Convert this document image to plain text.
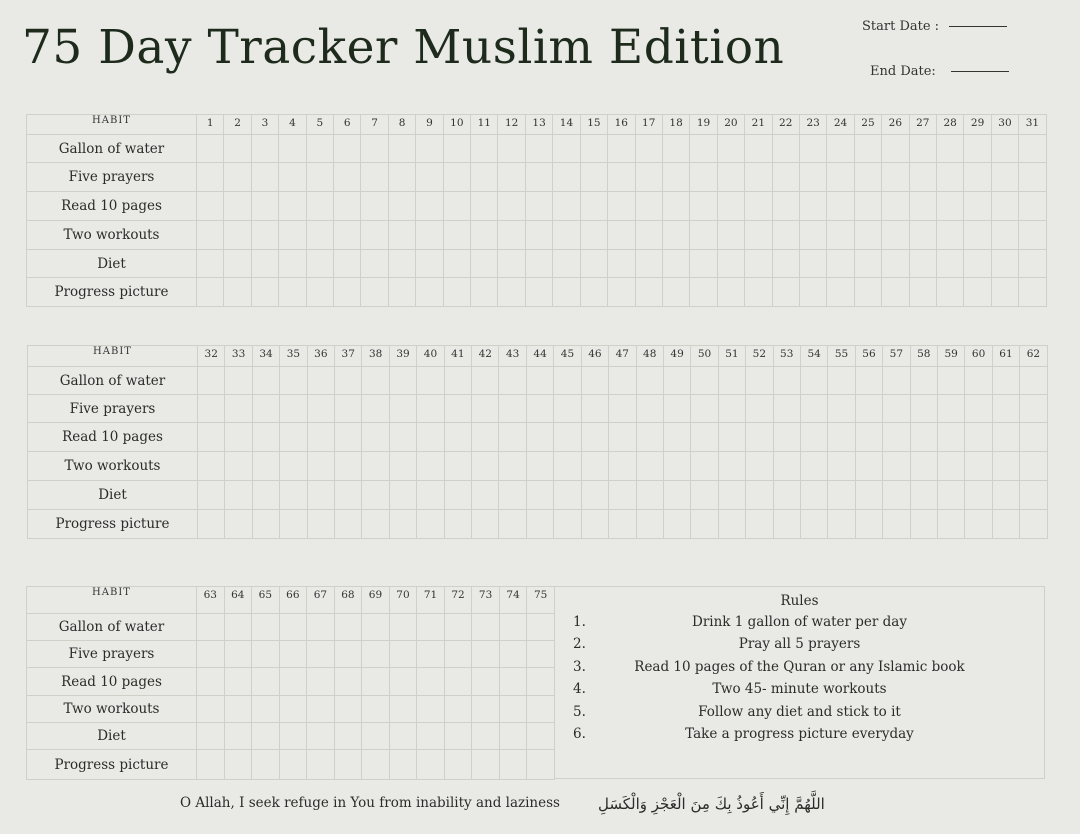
75 Day Tracker Muslim Edition	Start Date :
End Date:
HABIT	1	2	3	4	5	6	7	8	9	10	11	12	13	14	15	16	17	18	19	20	21	22	23	24	25	26	27	28	29	30	31
Gallon of water																															
Five prayers																															
Read 10 pages																															
Two workouts																															
Diet																															
Progress picture																															
HABIT	32	33	34	35	36	37	38	39	40	41	42	43	44	45	46	47	48	49	50	51	52	53	54	55	56	57	58	59	60	61	62
Gallon of water																															
Five prayers																															
Read 10 pages																															
Two workouts																															
Diet																															
Progress picture																															
HABIT	63	64	65	66	67	68	69	70	71	72	73	74	75
Gallon of water													
Five prayers													
Read 10 pages													
Two workouts													
Diet													
Progress picture													
Rules
1.	Drink 1 gallon of water per day
2.	Pray all 5 prayers
3.	Read 10 pages of the Quran or any Islamic book
4.	Two 45- minute workouts
5.	Follow any diet and stick to it
6.	Take a progress picture everyday
O Allah, I seek refuge in You from inability and laziness	اللَّهُمَّ إِنِّي أَعُوذُ بِكَ مِنَ الْعَجْزِ وَالْكَسَلِ
